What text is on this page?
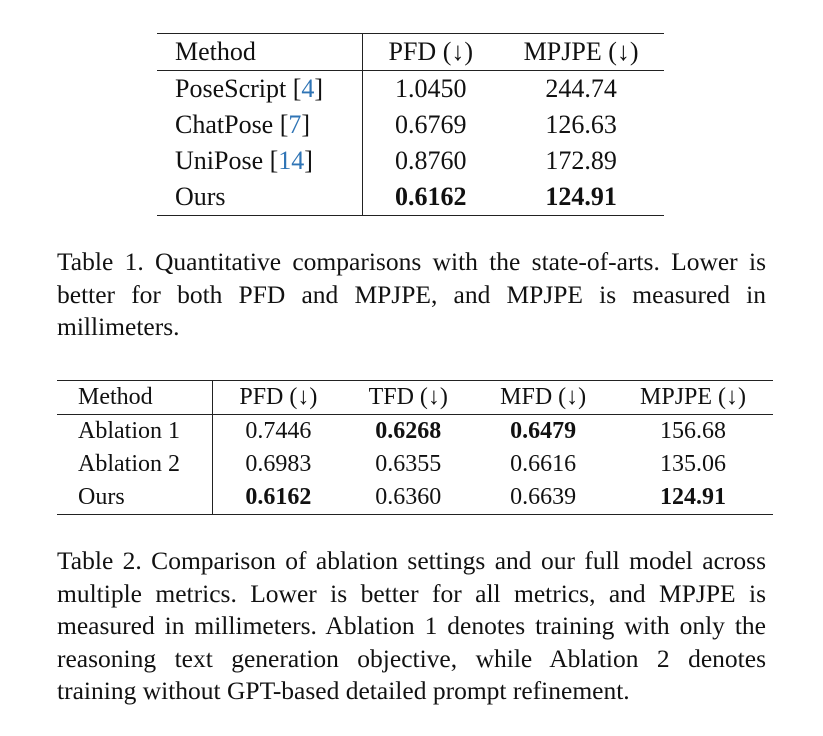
Method	PFD (↓)	MPJPE (↓)
PoseScript [4]	1.0450	244.74
ChatPose [7]	0.6769	126.63
UniPose [14]	0.8760	172.89
Ours	0.6162	124.91

Table 1. Quantitative comparisons with the state-of-arts. Lower is better for both PFD and MPJPE, and MPJPE is measured in millimeters.

Method	PFD (↓)	TFD (↓)	MFD (↓)	MPJPE (↓)
Ablation 1	0.7446	0.6268	0.6479	156.68
Ablation 2	0.6983	0.6355	0.6616	135.06
Ours	0.6162	0.6360	0.6639	124.91

Table 2. Comparison of ablation settings and our full model across multiple metrics. Lower is better for all metrics, and MPJPE is measured in millimeters. Ablation 1 denotes training with only the reasoning text generation objective, while Ablation 2 denotes training without GPT-based detailed prompt refinement.
